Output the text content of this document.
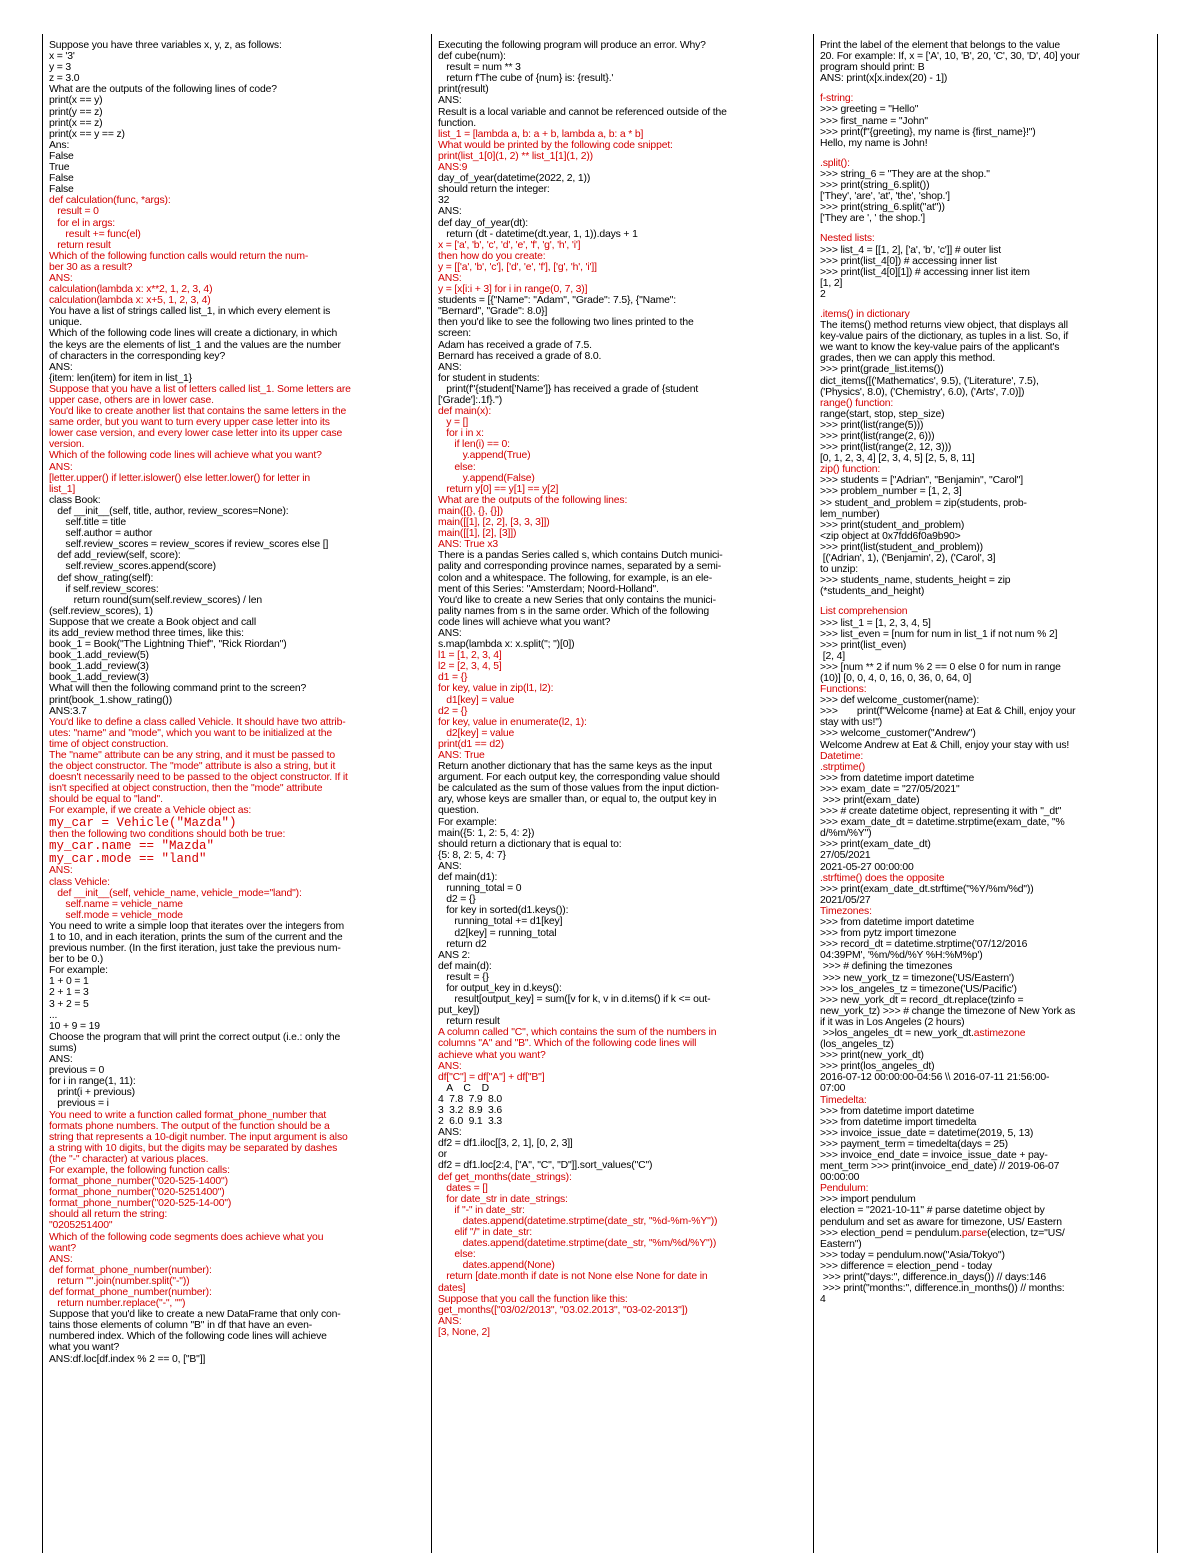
Suppose you have three variables x, y, z, as follows:
x = '3'
y = 3
z = 3.0
What are the outputs of the following lines of code?
print(x == y)
print(y == z)
print(x == z)
print(x == y == z)
Ans:
False
True
False
False
def calculation(func, *args):
result = 0
for el in args:
result += func(el)
return result
Which of the following function calls would return the num-
ber 30 as a result?
ANS:
calculation(lambda x: x**2, 1, 2, 3, 4)
calculation(lambda x: x+5, 1, 2, 3, 4)
You have a list of strings called list_1, in which every element is
unique.
Which of the following code lines will create a dictionary, in which
the keys are the elements of list_1 and the values are the number
of characters in the corresponding key?
ANS:
{item: len(item) for item in list_1}
Suppose that you have a list of letters called list_1. Some letters are
upper case, others are in lower case.
You'd like to create another list that contains the same letters in the
same order, but you want to turn every upper case letter into its
lower case version, and every lower case letter into its upper case
version.
Which of the following code lines will achieve what you want?
ANS:
[letter.upper() if letter.islower() else letter.lower() for letter in
list_1]
class Book:
def __init__(self, title, author, review_scores=None):
self.title = title
self.author = author
self.review_scores = review_scores if review_scores else []
def add_review(self, score):
self.review_scores.append(score)
def show_rating(self):
if self.review_scores:
return round(sum(self.review_scores) / len
(self.review_scores), 1)
Suppose that we create a Book object and call
its add_review method three times, like this:
book_1 = Book("The Lightning Thief", "Rick Riordan")
book_1.add_review(5)
book_1.add_review(3)
book_1.add_review(3)
What will then the following command print to the screen?
print(book_1.show_rating())
ANS:3.7
You'd like to define a class called Vehicle. It should have two attrib-
utes: "name" and "mode", which you want to be initialized at the
time of object construction.
The "name" attribute can be any string, and it must be passed to
the object constructor. The "mode" attribute is also a string, but it
doesn't necessarily need to be passed to the object constructor. If it
isn't specified at object construction, then the "mode" attribute
should be equal to "land".
For example, if we create a Vehicle object as:
my_car = Vehicle("Mazda")
then the following two conditions should both be true:
my_car.name == "Mazda"
my_car.mode == "land"
ANS:
class Vehicle:
def __init__(self, vehicle_name, vehicle_mode="land"):
self.name = vehicle_name
self.mode = vehicle_mode
You need to write a simple loop that iterates over the integers from
1 to 10, and in each iteration, prints the sum of the current and the
previous number. (In the first iteration, just take the previous num-
ber to be 0.)
For example:
1 + 0 = 1
2 + 1 = 3
3 + 2 = 5
...
10 + 9 = 19
Choose the program that will print the correct output (i.e.: only the
sums)
ANS:
previous = 0
for i in range(1, 11):
print(i + previous)
previous = i
You need to write a function called format_phone_number that
formats phone numbers. The output of the function should be a
string that represents a 10-digit number. The input argument is also
a string with 10 digits, but the digits may be separated by dashes
(the "-" character) at various places.
For example, the following function calls:
format_phone_number("020-525-1400")
format_phone_number("020-5251400")
format_phone_number("020-525-14-00")
should all return the string:
"0205251400"
Which of the following code segments does achieve what you
want?
ANS:
def format_phone_number(number):
return "".join(number.split("-"))
def format_phone_number(number):
return number.replace("-", "")
Suppose that you'd like to create a new DataFrame that only con-
tains those elements of column "B" in df that have an even-
numbered index. Which of the following code lines will achieve
what you want?
ANS:df.loc[df.index % 2 == 0, ["B"]]
Executing the following program will produce an error. Why?
def cube(num):
result = num ** 3
return f'The cube of {num} is: {result}.'
print(result)
ANS:
Result is a local variable and cannot be referenced outside of the
function.
list_1 = [lambda a, b: a + b, lambda a, b: a * b]
What would be printed by the following code snippet:
print(list_1[0](1, 2) ** list_1[1](1, 2))
ANS:9
day_of_year(datetime(2022, 2, 1))
should return the integer:
32
ANS:
def day_of_year(dt):
return (dt - datetime(dt.year, 1, 1)).days + 1
x = ['a', 'b', 'c', 'd', 'e', 'f', 'g', 'h', 'i']
then how do you create:
y = [['a', 'b', 'c'], ['d', 'e', 'f'], ['g', 'h', 'i']]
ANS:
y = [x[i:i + 3] for i in range(0, 7, 3)]
students = [{"Name": "Adam", "Grade": 7.5}, {"Name":
"Bernard", "Grade": 8.0}]
then you'd like to see the following two lines printed to the
screen:
Adam has received a grade of 7.5.
Bernard has received a grade of 8.0.
ANS:
for student in students:
print(f"{student['Name']} has received a grade of {student
['Grade']:.1f}.")
def main(x):
y = []
for i in x:
if len(i) == 0:
y.append(True)
else:
y.append(False)
return y[0] == y[1] == y[2]
What are the outputs of the following lines:
main([{}, {}, {}])
main([[1], [2, 2], [3, 3, 3]])
main([[1], [2], [3]])
ANS: True x3
There is a pandas Series called s, which contains Dutch munici-
pality and corresponding province names, separated by a semi-
colon and a whitespace. The following, for example, is an ele-
ment of this Series: "Amsterdam; Noord-Holland".
You'd like to create a new Series that only contains the munici-
pality names from s in the same order. Which of the following
code lines will achieve what you want?
ANS:
s.map(lambda x: x.split("; ")[0])
l1 = [1, 2, 3, 4]
l2 = [2, 3, 4, 5]
d1 = {}
for key, value in zip(l1, l2):
d1[key] = value
d2 = {}
for key, value in enumerate(l2, 1):
d2[key] = value
print(d1 == d2)
ANS: True
Return another dictionary that has the same keys as the input
argument. For each output key, the corresponding value should
be calculated as the sum of those values from the input diction-
ary, whose keys are smaller than, or equal to, the output key in
question.
For example:
main({5: 1, 2: 5, 4: 2})
should return a dictionary that is equal to:
{5: 8, 2: 5, 4: 7}
ANS:
def main(d1):
running_total = 0
d2 = {}
for key in sorted(d1.keys()):
running_total += d1[key]
d2[key] = running_total
return d2
ANS 2:
def main(d):
result = {}
for output_key in d.keys():
result[output_key] = sum([v for k, v in d.items() if k <= out-
put_key])
return result
A column called "C", which contains the sum of the numbers in
columns "A" and "B". Which of the following code lines will
achieve what you want?
ANS:
df["C"] = df["A"] + df["B"]
A    C    D
4  7.8  7.9  8.0
3  3.2  8.9  3.6
2  6.0  9.1  3.3
ANS:
df2 = df1.iloc[[3, 2, 1], [0, 2, 3]]
or
df2 = df1.loc[2:4, ["A", "C", "D"]].sort_values("C")
def get_months(date_strings):
dates = []
for date_str in date_strings:
if "-" in date_str:
dates.append(datetime.strptime(date_str, "%d-%m-%Y"))
elif "/" in date_str:
dates.append(datetime.strptime(date_str, "%m/%d/%Y"))
else:
dates.append(None)
return [date.month if date is not None else None for date in
dates]
Suppose that you call the function like this:
get_months(["03/02/2013", "03.02.2013", "03-02-2013"])
ANS:
[3, None, 2]
Print the label of the element that belongs to the value
20. For example: If, x = ['A', 10, 'B', 20, 'C', 30, 'D', 40] your
program should print: B
ANS: print(x[x.index(20) - 1])
f-string:
>>> greeting = "Hello"
>>> first_name = "John"
>>> print(f"{greeting}, my name is {first_name}!")
Hello, my name is John!
.split():
>>> string_6 = "They are at the shop."
>>> print(string_6.split())
['They', 'are', 'at', 'the', 'shop.']
>>> print(string_6.split("at"))
['They are ', ' the shop.']
Nested lists:
>>> list_4 = [[1, 2], ['a', 'b', 'c']] # outer list
>>> print(list_4[0]) # accessing inner list
>>> print(list_4[0][1]) # accessing inner list item
[1, 2]
2
.items() in dictionary
The items() method returns view object, that displays all
key-value pairs of the dictionary, as tuples in a list. So, if
we want to know the key-value pairs of the applicant's
grades, then we can apply this method.
>>> print(grade_list.items())
dict_items([('Mathematics', 9.5), ('Literature', 7.5),
('Physics', 8.0), ('Chemistry', 6.0), ('Arts', 7.0)])
range() function:
range(start, stop, step_size)
>>> print(list(range(5)))
>>> print(list(range(2, 6)))
>>> print(list(range(2, 12, 3)))
[0, 1, 2, 3, 4] [2, 3, 4, 5] [2, 5, 8, 11]
zip() function:
>>> students = ["Adrian", "Benjamin", "Carol"]
>>> problem_number = [1, 2, 3]
>> student_and_problem = zip(students, prob-
lem_number)
>>> print(student_and_problem)
<zip object at 0x7fdd6f0a9b90>
>>> print(list(student_and_problem))
[('Adrian', 1), ('Benjamin', 2), ('Carol', 3]
to unzip:
>>> students_name, students_height = zip
(*students_and_height)
List comprehension
>>> list_1 = [1, 2, 3, 4, 5]
>>> list_even = [num for num in list_1 if not num % 2]
>>> print(list_even)
[2, 4]
>>> [num ** 2 if num % 2 == 0 else 0 for num in range
(10)] [0, 0, 4, 0, 16, 0, 36, 0, 64, 0]
Functions:
>>> def welcome_customer(name):
>>>       print(f"Welcome {name} at Eat & Chill, enjoy your
stay with us!")
>>> welcome_customer("Andrew")
Welcome Andrew at Eat & Chill, enjoy your stay with us!
Datetime:
.strptime()
>>> from datetime import datetime
>>> exam_date = "27/05/2021"
>>> print(exam_date)
>>> # create datetime object, representing it with "_dt"
>>> exam_date_dt = datetime.strptime(exam_date, "%
d/%m/%Y")
>>> print(exam_date_dt)
27/05/2021
2021-05-27 00:00:00
.strftime() does the opposite
>>> print(exam_date_dt.strftime("%Y/%m/%d"))
2021/05/27
Timezones:
>>> from datetime import datetime
>>> from pytz import timezone
>>> record_dt = datetime.strptime('07/12/2016
04:39PM', '%m/%d/%Y %H:%M%p')
>>> # defining the timezones
>>> new_york_tz = timezone('US/Eastern')
>>> los_angeles_tz = timezone('US/Pacific')
>>> new_york_dt = record_dt.replace(tzinfo =
new_york_tz) >>> # change the timezone of New York as
if it was in Los Angeles (2 hours)
>>los_angeles_dt = new_york_dt.astimezone
(los_angeles_tz)
>>> print(new_york_dt)
>>> print(los_angeles_dt)
2016-07-12 00:00:00-04:56 \\ 2016-07-11 21:56:00-
07:00
Timedelta:
>>> from datetime import datetime
>>> from datetime import timedelta
>>> invoice_issue_date = datetime(2019, 5, 13)
>>> payment_term = timedelta(days = 25)
>>> invoice_end_date = invoice_issue_date + pay-
ment_term >>> print(invoice_end_date) // 2019-06-07
00:00:00
Pendulum:
>>> import pendulum
election = "2021-10-11" # parse datetime object by
pendulum and set as aware for timezone, US/ Eastern
>>> election_pend = pendulum.parse(election, tz="US/
Eastern")
>>> today = pendulum.now("Asia/Tokyo")
>>> difference = election_pend - today
>>> print("days:", difference.in_days()) // days:146
>>> print("months:", difference.in_months()) // months:
4
